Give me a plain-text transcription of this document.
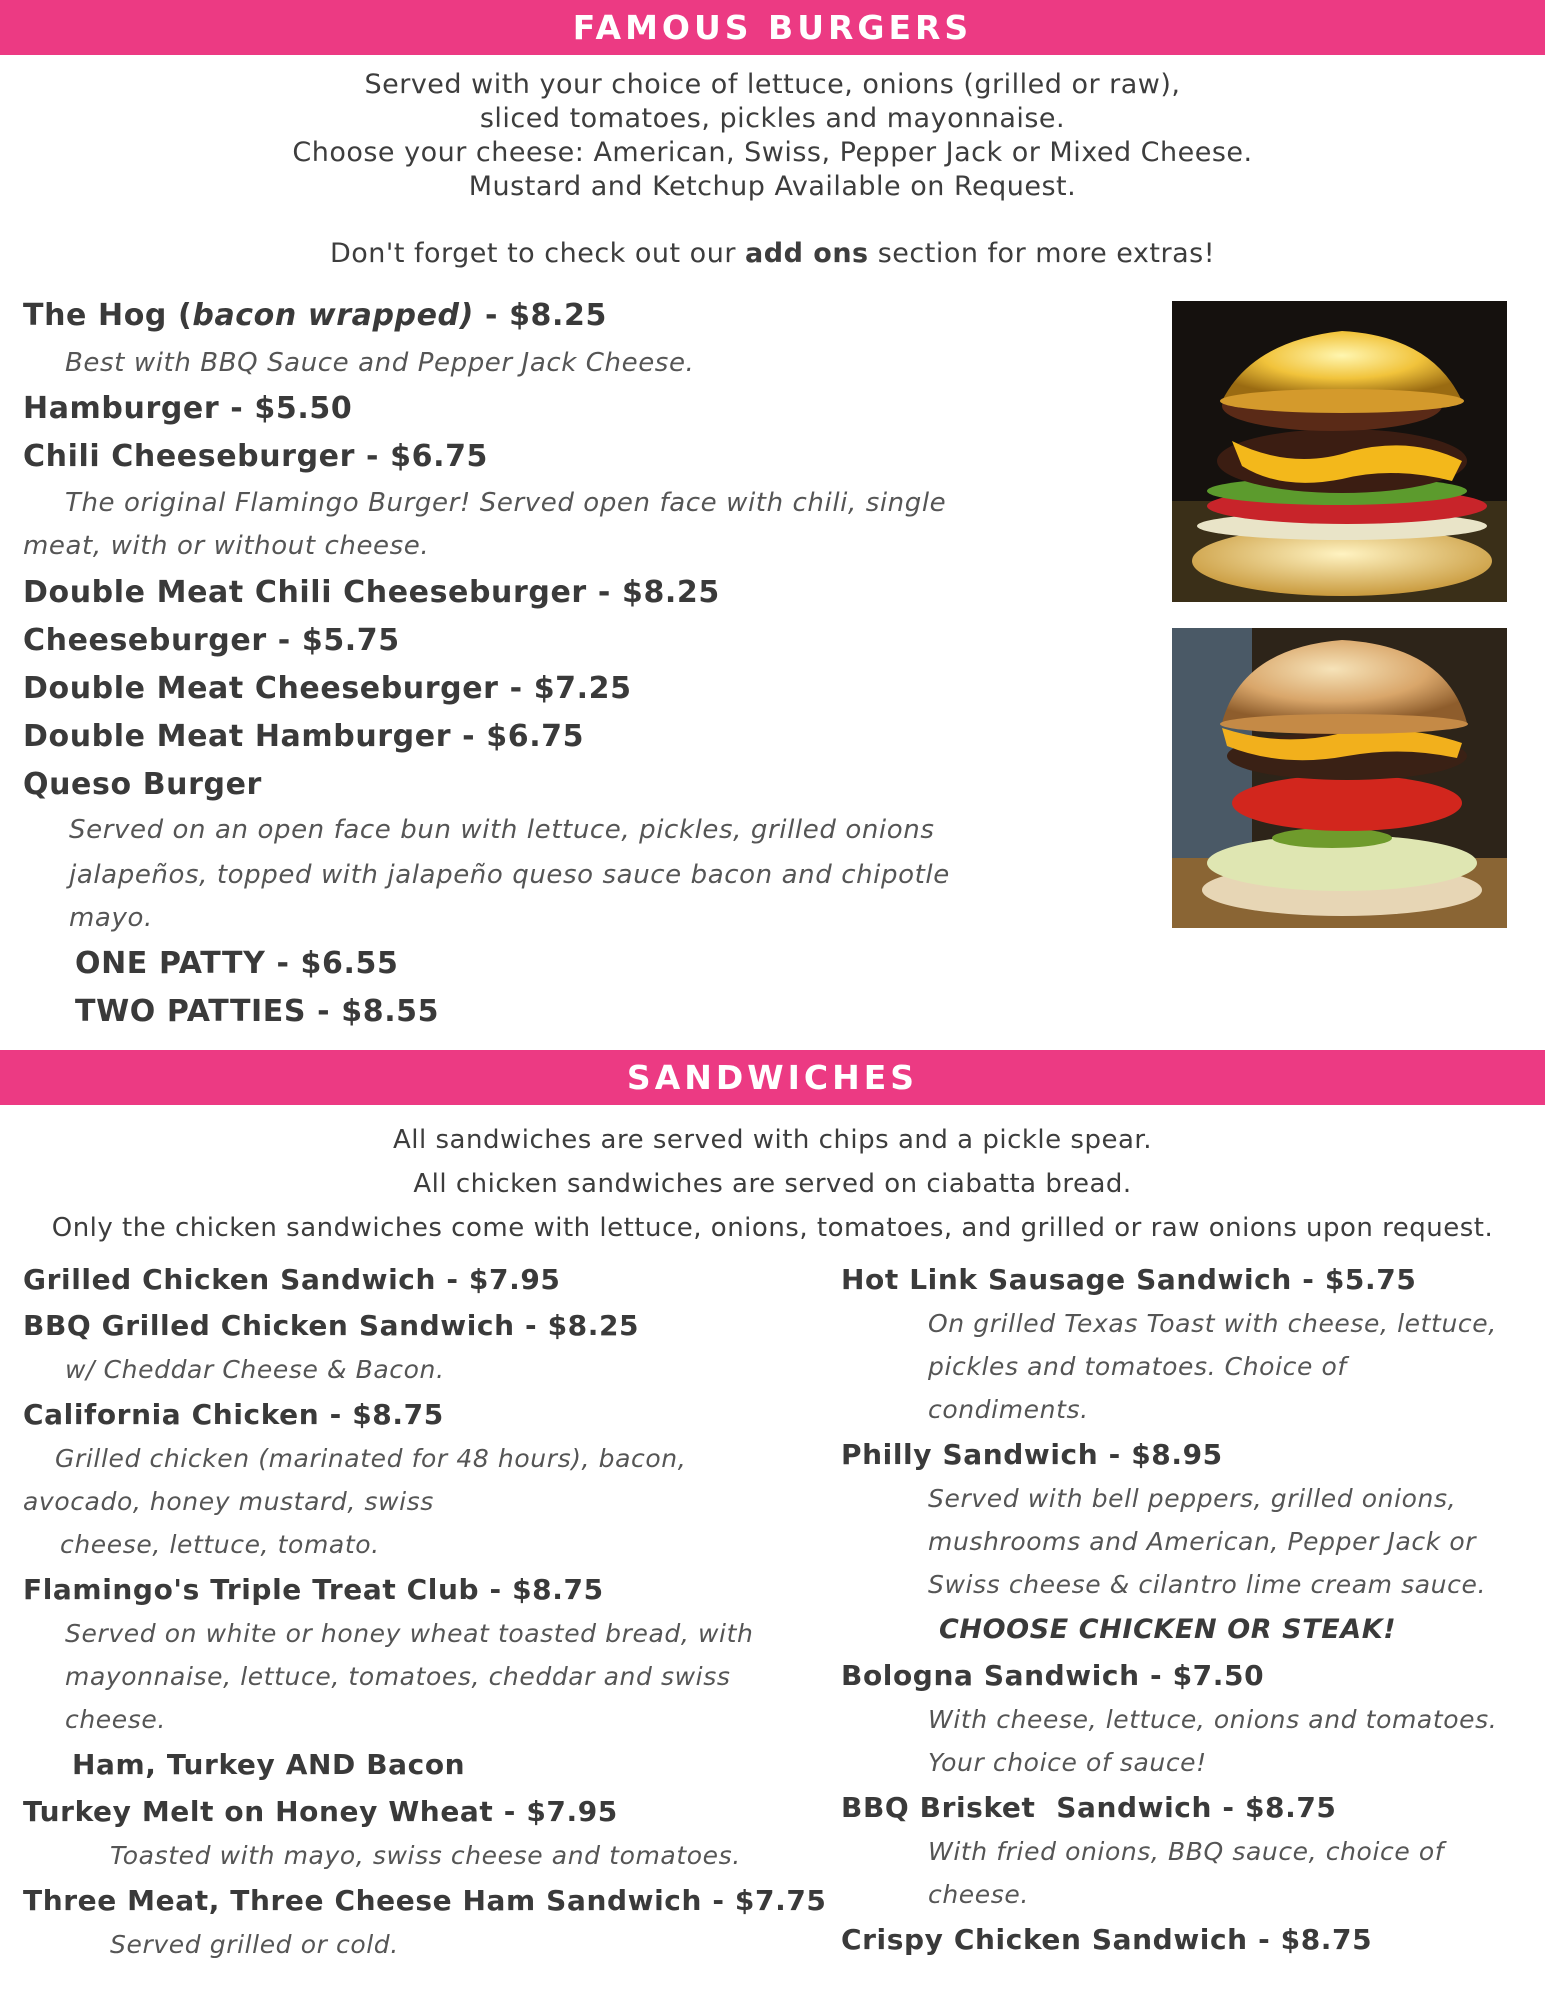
FAMOUS BURGERS
Served with your choice of lettuce, onions (grilled or raw),
sliced tomatoes, pickles and mayonnaise.
Choose your cheese: American, Swiss, Pepper Jack or Mixed Cheese.
Mustard and Ketchup Available on Request.
Don't forget to check out our add ons section for more extras!
The Hog (bacon wrapped) - $8.25
Best with BBQ Sauce and Pepper Jack Cheese.
Hamburger - $5.50
Chili Cheeseburger - $6.75
The original Flamingo Burger! Served open face with chili, single
meat, with or without cheese.
Double Meat Chili Cheeseburger - $8.25
Cheeseburger - $5.75
Double Meat Cheeseburger - $7.25
Double Meat Hamburger - $6.75
Queso Burger
Served on an open face bun with lettuce, pickles, grilled onions
jalapeños, topped with jalapeño queso sauce bacon and chipotle
mayo.
ONE PATTY - $6.55
TWO PATTIES - $8.55
SANDWICHES
All sandwiches are served with chips and a pickle spear.
All chicken sandwiches are served on ciabatta bread.
Only the chicken sandwiches come with lettuce, onions, tomatoes, and grilled or raw onions upon request.
Grilled Chicken Sandwich - $7.95
BBQ Grilled Chicken Sandwich - $8.25
w/ Cheddar Cheese & Bacon.
California Chicken - $8.75
Grilled chicken (marinated for 48 hours), bacon,
avocado, honey mustard, swiss
cheese, lettuce, tomato.
Flamingo's Triple Treat Club - $8.75
Served on white or honey wheat toasted bread, with
mayonnaise, lettuce, tomatoes, cheddar and swiss
cheese.
Ham, Turkey AND Bacon
Turkey Melt on Honey Wheat - $7.95
Toasted with mayo, swiss cheese and tomatoes.
Three Meat, Three Cheese Ham Sandwich - $7.75
Served grilled or cold.
Hot Link Sausage Sandwich - $5.75
On grilled Texas Toast with cheese, lettuce,
pickles and tomatoes. Choice of
condiments.
Philly Sandwich - $8.95
Served with bell peppers, grilled onions,
mushrooms and American, Pepper Jack or
Swiss cheese & cilantro lime cream sauce.
CHOOSE CHICKEN OR STEAK!
Bologna Sandwich - $7.50
With cheese, lettuce, onions and tomatoes.
Your choice of sauce!
BBQ Brisket  Sandwich - $8.75
With fried onions, BBQ sauce, choice of
cheese.
Crispy Chicken Sandwich - $8.75
